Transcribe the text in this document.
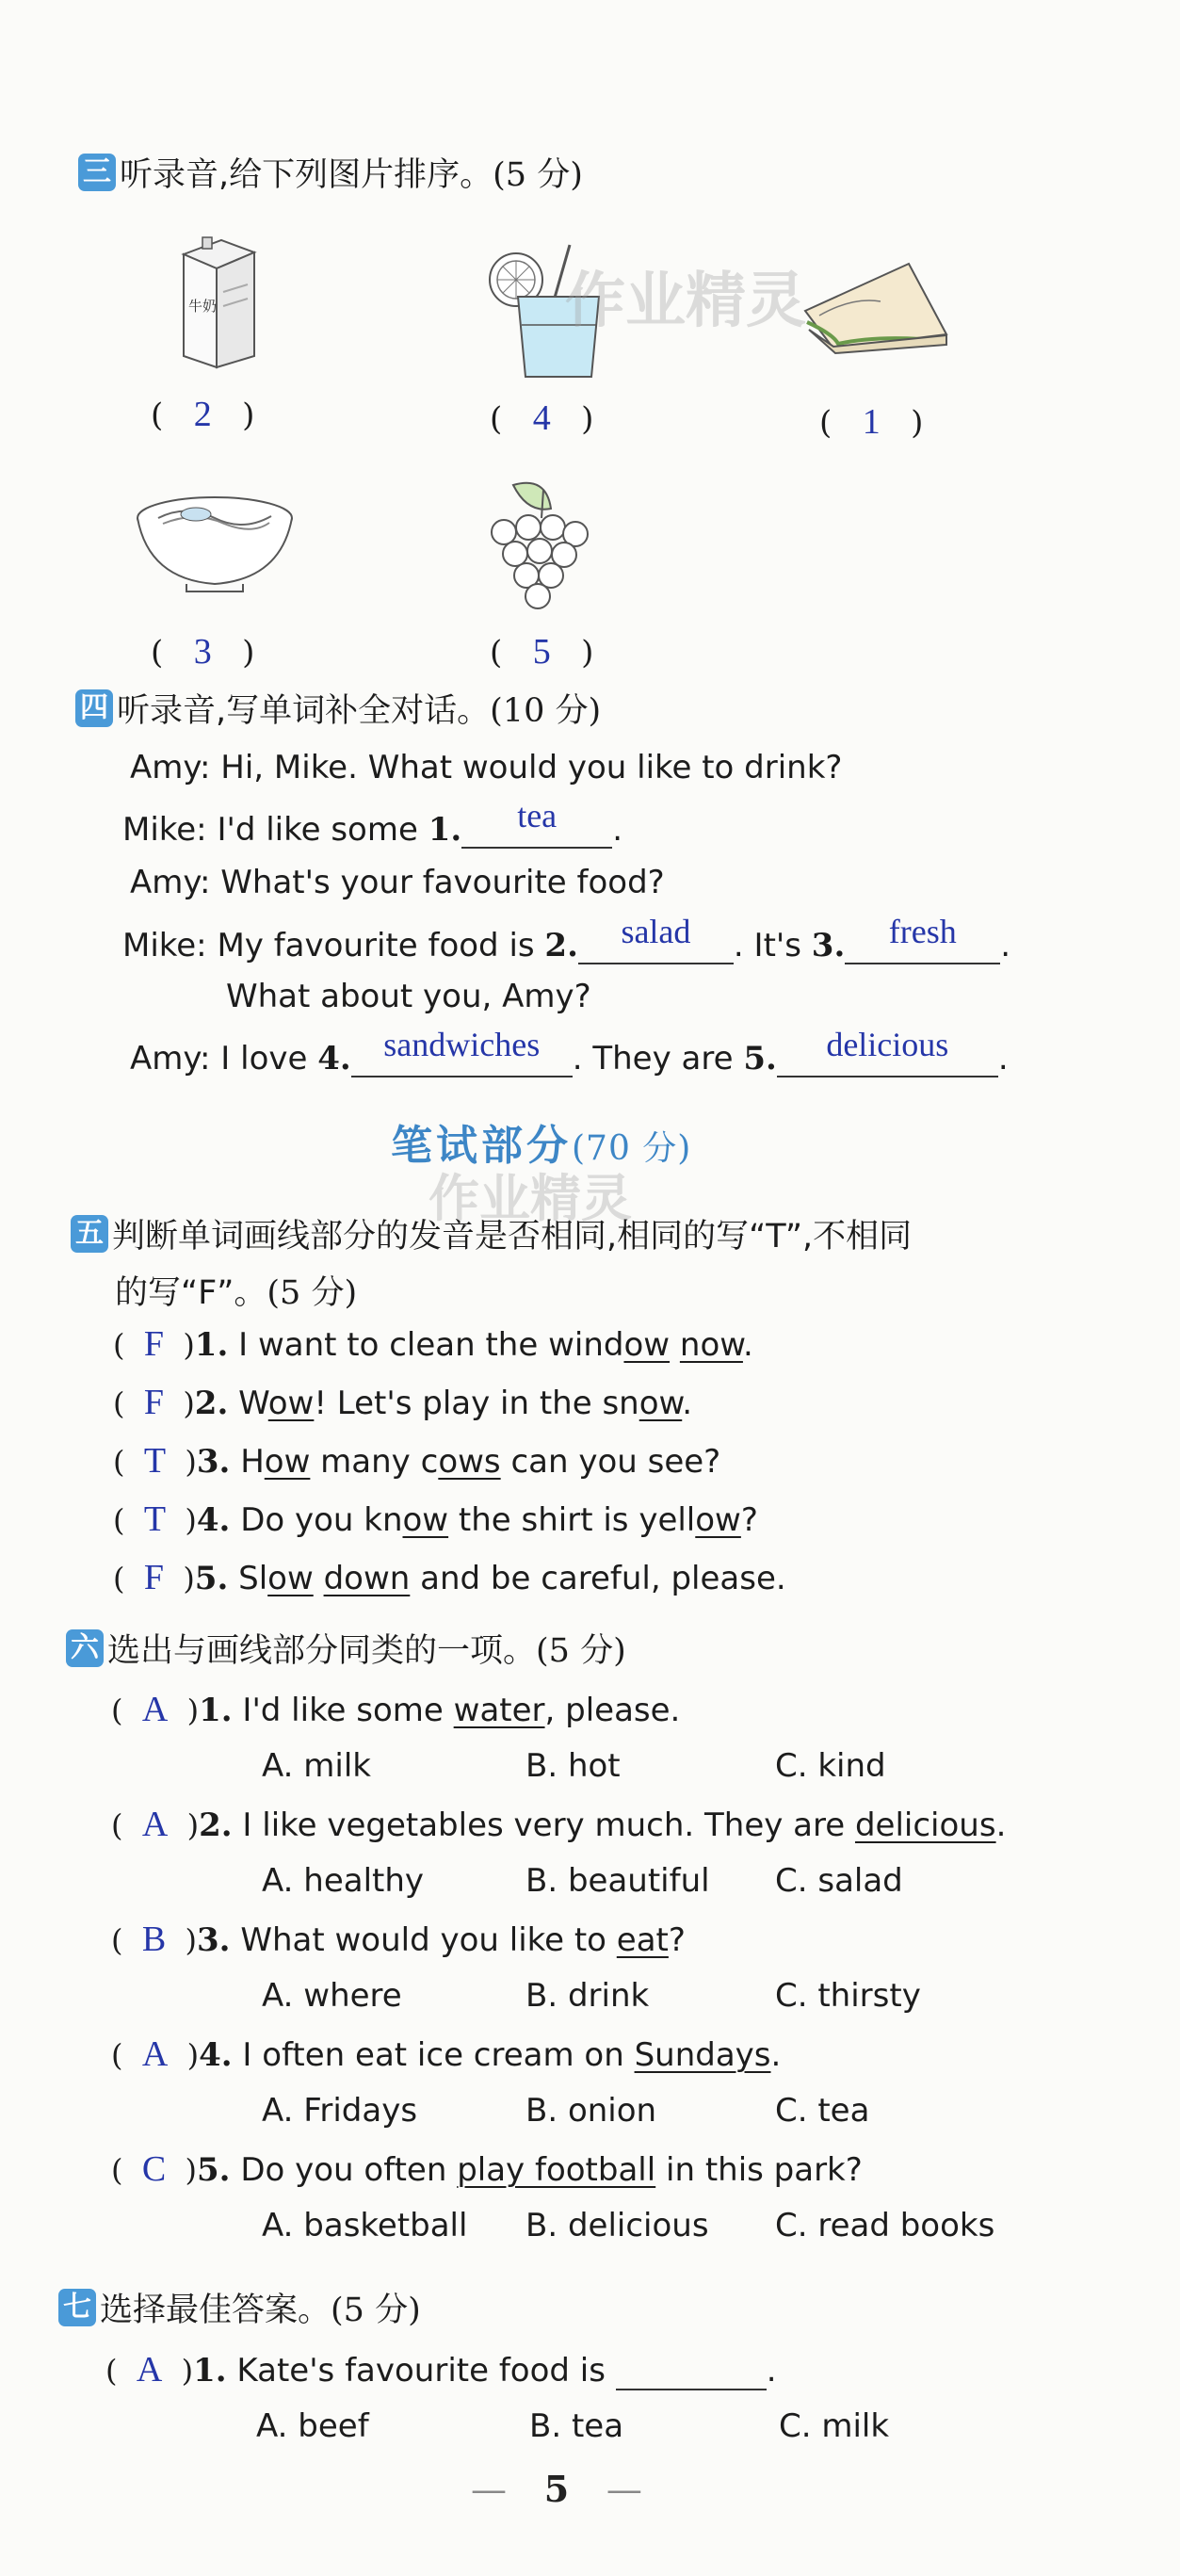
三 听录音,给下列图片排序。 (5 分)
牛奶
(   2   )	(   4   )	(   1   )
(   3   )	(   5   )
作业精灵
四 听录音,写单词补全对话。 (10 分)
Amy: Hi, Mike. What would you like to drink?
Mike: I'd like some 1. tea .
Amy: What's your favourite food?
Mike: My favourite food is 2. salad . It's 3. fresh .
What about you, Amy?
Amy: I love 4. sandwiches . They are 5. delicious .
笔试部分(70 分)
作业精灵
五 判断单词画线部分的发音是否相同,相同的写“T”,不相同
的写“F”。 (5 分)
(  F  )1. I want to clean the window now.
(  F  )2. Wow! Let's play in the snow.
(  T  )3. How many cows can you see?
(  T  )4. Do you know the shirt is yellow?
(  F  )5. Slow down and be careful, please.
六 选出与画线部分同类的一项。 (5 分)
(  A  )1. I'd like some water, please.
A. milk	B. hot	C. kind
(  A  )2. I like vegetables very much. They are delicious.
A. healthy	B. beautiful C. salad
(  B  )3. What would you like to eat?
A. where	B. drink	C. thirsty
(  A  )4. I often eat ice cream on Sundays.
A. Fridays	B. onion	C. tea
(  C  )5. Do you often play football in this park?
A. basketball B. delicious C. read books
七 选择最佳答案。 (5 分)
(  A  )1. Kate's favourite food is	.
A. beef	B. tea	C. milk
— 5 —
